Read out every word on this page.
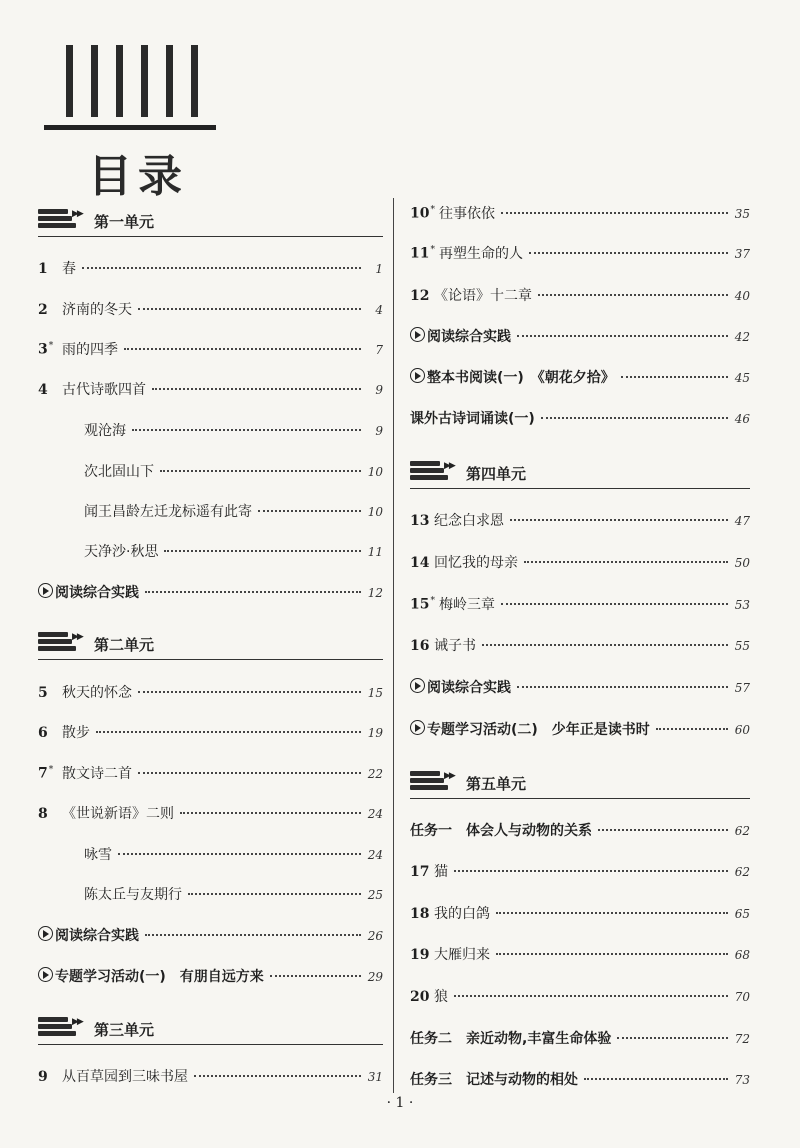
目录
▶▶ 第一单元
1	春	1
2	济南的冬天	4
3* 雨的四季	7
4	古代诗歌四首	9
观沧海	9
次北固山下	10
闻王昌龄左迁龙标遥有此寄	10
天净沙·秋思	11
阅读综合实践	12
▶▶ 第二单元
5	秋天的怀念	15
6	散步	19
7* 散文诗二首	22
8	《世说新语》二则	24
咏雪	24
陈太丘与友期行	25
阅读综合实践	26
专题学习活动(一)　有朋自远方来	29
▶▶ 第三单元
9	从百草园到三味书屋	31
10* 往事依依	35
11* 再塑生命的人	37
12 《论语》十二章	40
阅读综合实践	42
整本书阅读(一)　《朝花夕拾》	45
课外古诗词诵读(一)	46
▶▶ 第四单元
13 纪念白求恩	47
14 回忆我的母亲	50
15* 梅岭三章	53
16 诫子书	55
阅读综合实践	57
专题学习活动(二)　少年正是读书时	60
▶▶ 第五单元
任务一　体会人与动物的关系	62
17 猫	62
18 我的白鸽	65
19 大雁归来	68
20 狼	70
任务二　亲近动物,丰富生命体验	72
任务三　记述与动物的相处	73
· 1 ·
